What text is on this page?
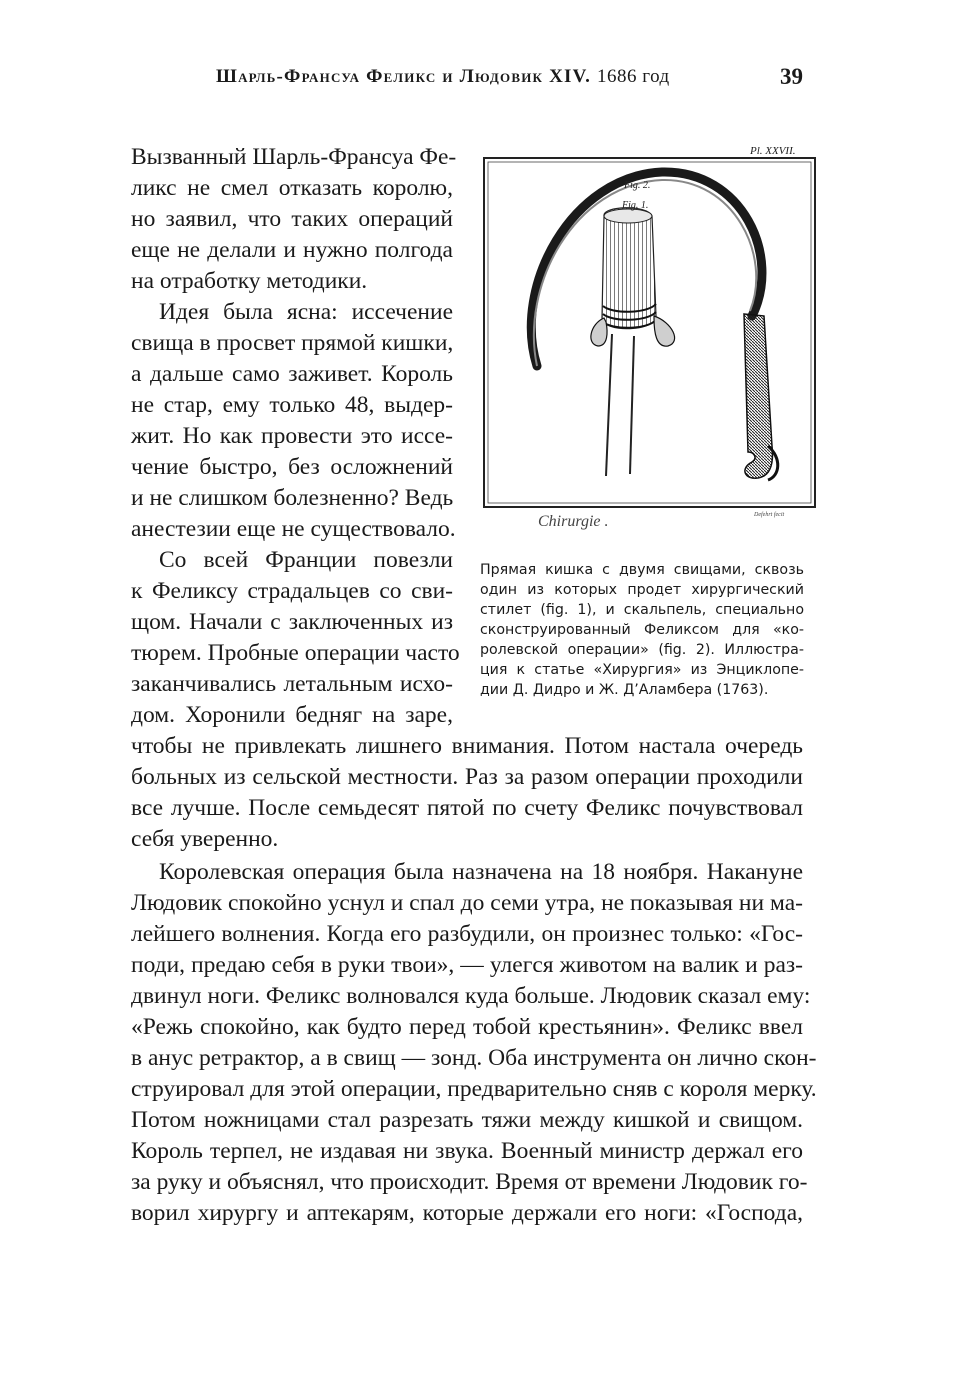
Шарль-Франсуа Феликс и Людовик XIV. 1686 год	39
Pl. XXVII.
Fig. 2.
Fig. 1.
Chirurgie .	Defehrt fecit
Прямая кишка с двумя свищами, сквозь
один из которых продет хирургический
стилет (fig. 1), и скальпель, специально
сконструированный Феликсом для «ко-
ролевской операции» (fig. 2). Иллюстра-
ция к статье «Хирургия» из Энциклопе-
дии Д. Дидро и Ж. Д’Аламбера (1763).
Вызванный Шарль-Франсуа Фе-
ликс не смел отказать королю,
но заявил, что таких операций
еще не делали и нужно полгода
на отработку методики.
Идея была ясна: иссечение
свища в просвет прямой кишки,
а дальше само заживет. Король
не стар, ему только 48, выдер-
жит. Но как провести это иссе-
чение быстро, без осложнений
и не слишком болезненно? Ведь
анестезии еще не существовало.
Со всей Франции повезли
к Феликсу страдальцев со сви-
щом. Начали с заключенных из
тюрем. Пробные операции часто
заканчивались летальным исхо-
дом. Хоронили бедняг на заре,
чтобы не привлекать лишнего внимания. Потом настала очередь
больных из сельской местности. Раз за разом операции проходили
все лучше. После семьдесят пятой по счету Феликс почувствовал
себя уверенно.
Королевская операция была назначена на 18 ноября. Накануне
Людовик спокойно уснул и спал до семи утра, не показывая ни ма-
лейшего волнения. Когда его разбудили, он произнес только: «Гос-
поди, предаю себя в руки твои», — улегся животом на валик и раз-
двинул ноги. Феликс волновался куда больше. Людовик сказал ему:
«Режь спокойно, как будто перед тобой крестьянин». Феликс ввел
в анус ретрактор, а в свищ — зонд. Оба инструмента он лично скон-
струировал для этой операции, предварительно сняв с короля мерку.
Потом ножницами стал разрезать тяжи между кишкой и свищом.
Король терпел, не издавая ни звука. Военный министр держал его
за руку и объяснял, что происходит. Время от времени Людовик го-
ворил хирургу и аптекарям, которые держали его ноги: «Господа,
